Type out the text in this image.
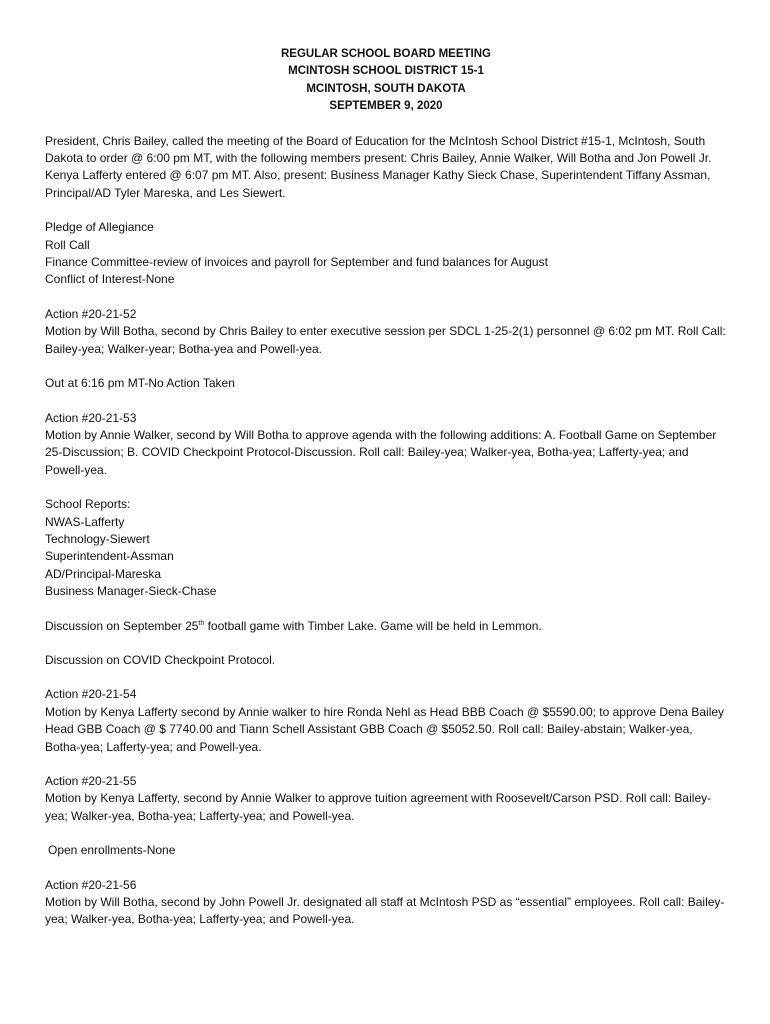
REGULAR SCHOOL BOARD MEETING
MCINTOSH SCHOOL DISTRICT 15-1
MCINTOSH, SOUTH DAKOTA
SEPTEMBER 9, 2020

President, Chris Bailey, called the meeting of the Board of Education for the McIntosh School District #15-1, McIntosh, South Dakota to order @ 6:00 pm MT, with the following members present: Chris Bailey, Annie Walker, Will Botha and Jon Powell Jr. Kenya Lafferty entered @ 6:07 pm MT. Also, present: Business Manager Kathy Sieck Chase, Superintendent Tiffany Assman, Principal/AD Tyler Mareska, and Les Siewert.

Pledge of Allegiance
Roll Call
Finance Committee-review of invoices and payroll for September and fund balances for August
Conflict of Interest-None

Action #20-21-52
Motion by Will Botha, second by Chris Bailey to enter executive session per SDCL 1-25-2(1) personnel @ 6:02 pm MT. Roll Call: Bailey-yea; Walker-year; Botha-yea and Powell-yea.

Out at 6:16 pm MT-No Action Taken

Action #20-21-53
Motion by Annie Walker, second by Will Botha to approve agenda with the following additions: A. Football Game on September 25-Discussion; B. COVID Checkpoint Protocol-Discussion. Roll call: Bailey-yea; Walker-yea, Botha-yea; Lafferty-yea; and Powell-yea.

School Reports:
NWAS-Lafferty
Technology-Siewert
Superintendent-Assman
AD/Principal-Mareska
Business Manager-Sieck-Chase

Discussion on September 25th football game with Timber Lake. Game will be held in Lemmon.

Discussion on COVID Checkpoint Protocol.

Action #20-21-54
Motion by Kenya Lafferty second by Annie walker to hire Ronda Nehl as Head BBB Coach @ $5590.00; to approve Dena Bailey Head GBB Coach @ $ 7740.00 and Tiann Schell Assistant GBB Coach @ $5052.50. Roll call: Bailey-abstain; Walker-yea, Botha-yea; Lafferty-yea; and Powell-yea.

Action #20-21-55
Motion by Kenya Lafferty, second by Annie Walker to approve tuition agreement with Roosevelt/Carson PSD. Roll call: Bailey-yea; Walker-yea, Botha-yea; Lafferty-yea; and Powell-yea.

Open enrollments-None

Action #20-21-56
Motion by Will Botha, second by John Powell Jr. designated all staff at McIntosh PSD as “essential” employees. Roll call: Bailey-yea; Walker-yea, Botha-yea; Lafferty-yea; and Powell-yea.
